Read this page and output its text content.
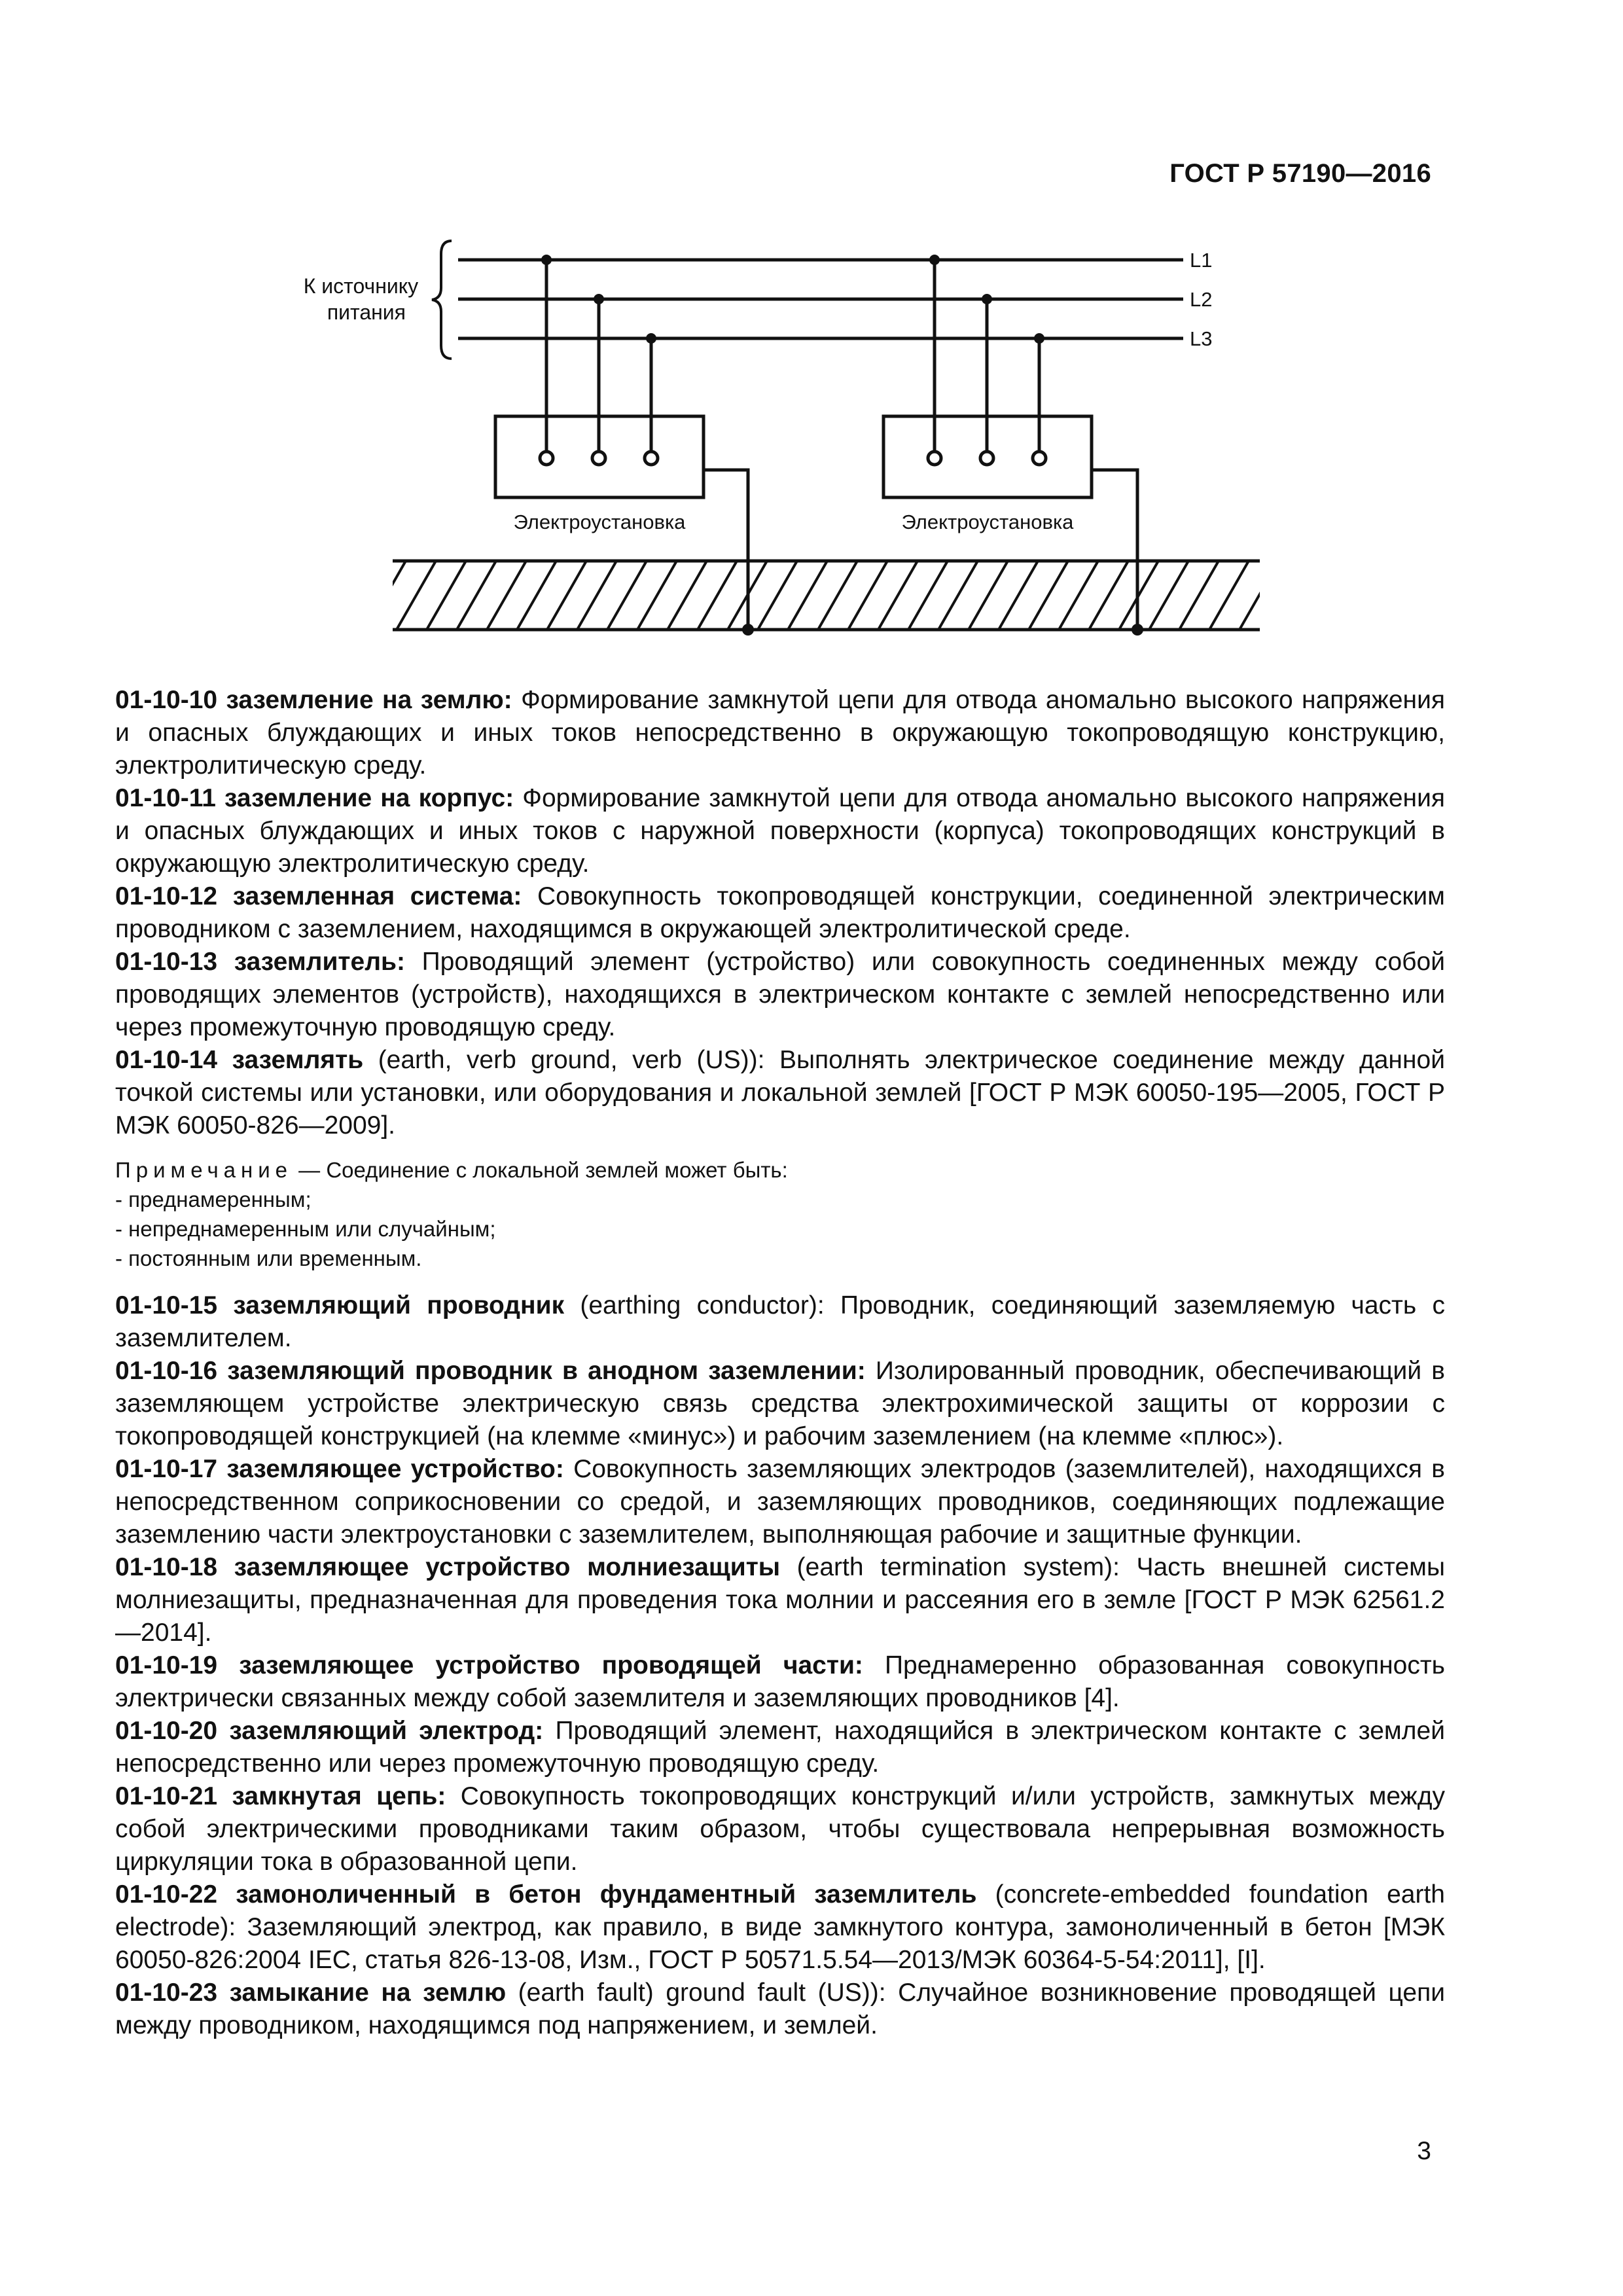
ГОСТ Р 57190—2016
К источнику питания
L1
L2
L3
Электроустановка	Электроустановка

01-10-10 заземление на землю: Формирование замкнутой цепи для отвода аномально высокого напряжения и опасных блуждающих и иных токов непосредственно в окружающую токопроводящую конструкцию, электролитическую среду.

01-10-11 заземление на корпус: Формирование замкнутой цепи для отвода аномально высокого напряжения и опасных блуждающих и иных токов с наружной поверхности (корпуса) токопроводящих конструкций в окружающую электролитическую среду.

01-10-12 заземленная система: Совокупность токопроводящей конструкции, соединенной электрическим проводником с заземлением, находящимся в окружающей электролитической среде.

01-10-13 заземлитель: Проводящий элемент (устройство) или совокупность соединенных между собой проводящих элементов (устройств), находящихся в электрическом контакте с землей непосредственно или через промежуточную проводящую среду.

01-10-14 заземлять (earth, verb ground, verb (US)): Выполнять электрическое соединение между данной точкой системы или установки, или оборудования и локальной землей [ГОСТ Р МЭК 60050-195—2005, ГОСТ Р МЭК 60050-826—2009].

Примечание — Соединение с локальной землей может быть:

- преднамеренным;
- непреднамеренным или случайным;
- постоянным или временным.

01-10-15 заземляющий проводник (earthing conductor): Проводник, соединяющий заземляемую часть с заземлителем.

01-10-16 заземляющий проводник в анодном заземлении: Изолированный проводник, обеспечивающий в заземляющем устройстве электрическую связь средства электрохимической защиты от коррозии с токопроводящей конструкцией (на клемме «минус») и рабочим заземлением (на клемме «плюс»).

01-10-17 заземляющее устройство: Совокупность заземляющих электродов (заземлителей), находящихся в непосредственном соприкосновении со средой, и заземляющих проводников, соединяющих подлежащие заземлению части электроустановки с заземлителем, выполняющая рабочие и защитные функции.

01-10-18 заземляющее устройство молниезащиты (earth termination system): Часть внешней системы молниезащиты, предназначенная для проведения тока молнии и рассеяния его в земле [ГОСТ Р МЭК 62561.2—2014].

01-10-19 заземляющее устройство проводящей части: Преднамеренно образованная совокупность электрически связанных между собой заземлителя и заземляющих проводников [4].

01-10-20 заземляющий электрод: Проводящий элемент, находящийся в электрическом контакте с землей непосредственно или через промежуточную проводящую среду.

01-10-21 замкнутая цепь: Совокупность токопроводящих конструкций и/или устройств, замкнутых между собой электрическими проводниками таким образом, чтобы существовала непрерывная возможность циркуляции тока в образованной цепи.

01-10-22 замоноличенный в бетон фундаментный заземлитель (concrete-embedded foundation earth electrode): Заземляющий электрод, как правило, в виде замкнутого контура, замоноличенный в бетон [МЭК 60050-826:2004 IEC, статья 826-13-08, Изм., ГОСТ Р 50571.5.54—2013/МЭК 60364-5-54:2011], [I].

01-10-23 замыкание на землю (earth fault) ground fault (US)): Случайное возникновение проводящей цепи между проводником, находящимся под напряжением, и землей.

3
